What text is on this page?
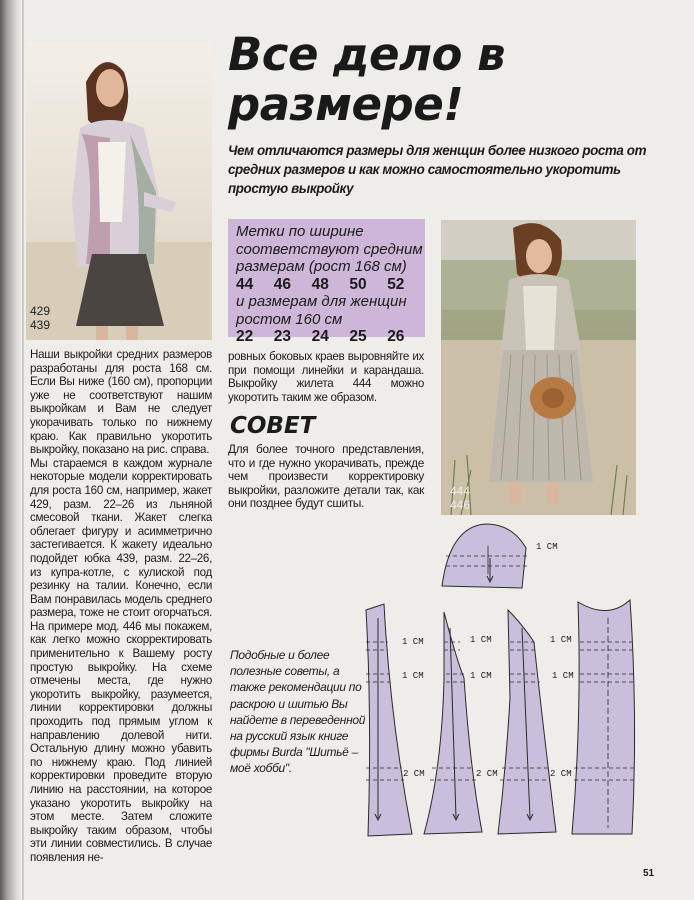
429
439
Все дело в
размере!

Чем отличаются размеры для женщин более низкого роста от средних размеров и как можно самостоятельно укоротить простую выкройку

Метки по ширине
соответствуют средним
размерам (рост 168 см)
44	46	48	50	52
и размерам для женщин
ростом 160 см
22	23	24	25	26
444
446

Наши выкройки средних размеров разработаны для роста 168 см. Если Вы ниже (160 см), пропорции уже не соответствуют нашим выкройкам и Вам не следует укорачивать только по нижнему краю. Как правильно укоротить выкройку, показано на рис. справа.

Мы стараемся в каждом журнале некоторые модели корректировать для роста 160 см, например, жакет 429, разм. 22–26 из льняной смесовой ткани. Жакет слегка облегает фигуру и асимметрично застегивается. К жакету идеально подойдет юбка 439, разм. 22–26, из купра-котле, с кулиской под резинку на талии. Конечно, если Вам понравилась модель среднего размера, тоже не стоит огорчаться. На примере мод. 446 мы покажем, как легко можно скорректировать применительно к Вашему росту простую выкройку. На схеме отмечены места, где нужно укоротить выкройку, разумеется, линии корректировки должны проходить под прямым углом к направлению долевой нити. Остальную длину можно убавить по нижнему краю. Под линией корректировки проведите вторую линию на расстоянии, на которое указано укоротить выкройку на этом месте. Затем сложите выкройку таким образом, чтобы эти линии совместились. В случае появления не-

ровных боковых краев выровняйте их при помощи линейки и карандаша. Выкройку жилета 444 можно укоротить таким же образом.

СОВЕТ

Для более точного представления, что и где нужно укорачивать, прежде чем произвести корректировку выкройки, разложите детали так, как они позднее будут сшиты.

Подобные и более полезные советы, а также рекомендации по раскрою и шитью Вы найдете в переведенной на русский язык книге фирмы Burda "Шитьё – моё хобби".
1 СМ
1 СМ
1 СМ
2 СМ
1 СМ
1 СМ
2 СМ
1 СМ
1 СМ
2 СМ
51
